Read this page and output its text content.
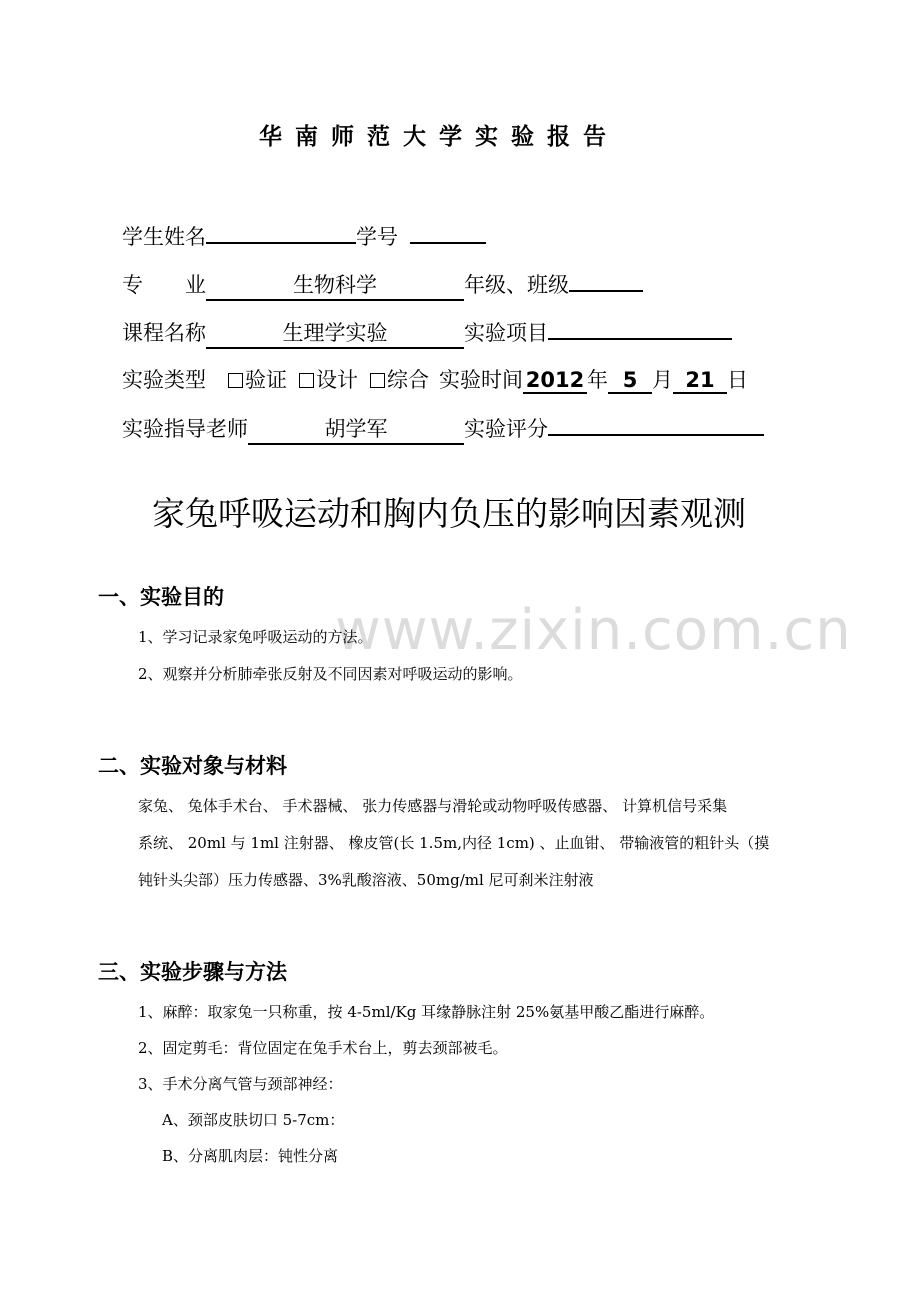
华南师范大学实验报告
学生姓名	学号
专　　业	生物科学	年级、班级
课程名称	生理学实验	实验项目
实验类型 验证 设计 综合 实验时间 2012 年 5 月 21 日
实验指导老师	胡学军	实验评分
家兔呼吸运动和胸内负压的影响因素观测
www.zixin.com.cn
一、实验目的
1、学习记录家兔呼吸运动的方法。
2、观察并分析肺牵张反射及不同因素对呼吸运动的影响。
二、实验对象与材料
家兔、 兔体手术台、 手术器械、 张力传感器与滑轮或动物呼吸传感器、 计算机信号采集
系统、 20ml 与 1ml 注射器、 橡皮管(长 1.5m,内径 1cm) 、止血钳、 带输液管的粗针头（摸
钝针头尖部）压力传感器、3%乳酸溶液、50mg/ml 尼可刹米注射液
三、实验步骤与方法
1、麻醉：取家兔一只称重，按 4-5ml/Kg 耳缘静脉注射 25%氨基甲酸乙酯进行麻醉。
2、固定剪毛：背位固定在兔手术台上，剪去颈部被毛。
3、手术分离气管与颈部神经：
A、颈部皮肤切口 5-7cm：
B、分离肌肉层：钝性分离
